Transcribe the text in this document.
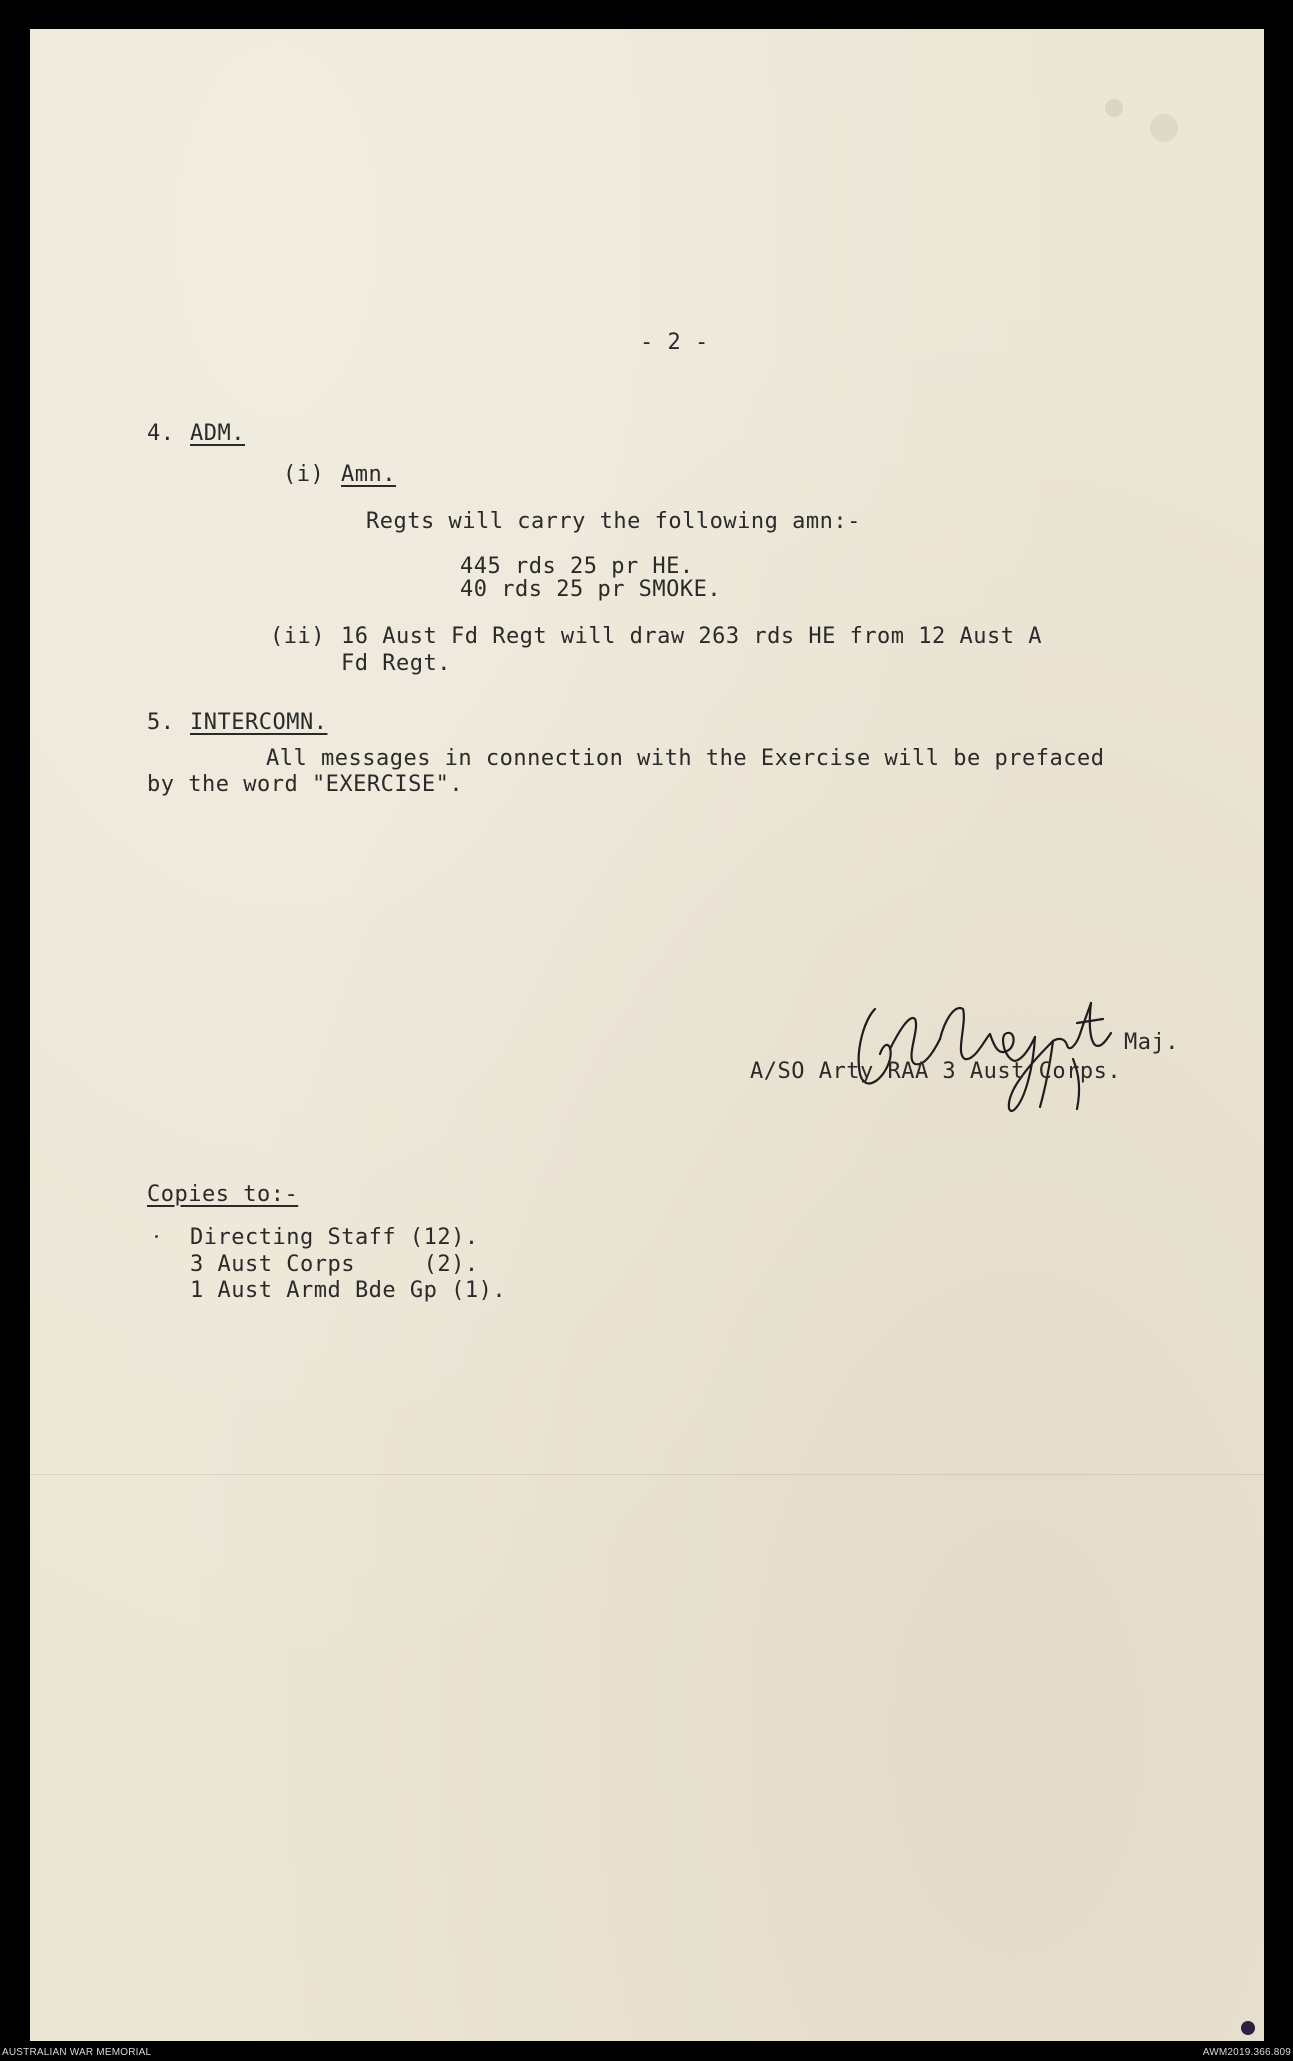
- 2 -
4. ADM.
(i) Amn.
Regts will carry the following amn:-
445 rds 25 pr HE.
40 rds 25 pr SMOKE.
(ii) 16 Aust Fd Regt will draw 263 rds HE from 12 Aust A
Fd Regt.
5. INTERCOMN.
All messages in connection with the Exercise will be prefaced
by the word "EXERCISE".
Maj.
A/SO Arty RAA 3 Aust Corps.
Copies to:-
Directing Staff (12).
3 Aust Corps     (2).
1 Aust Armd Bde Gp (1).
AUSTRALIAN WAR MEMORIAL	AWM2019.366.809
